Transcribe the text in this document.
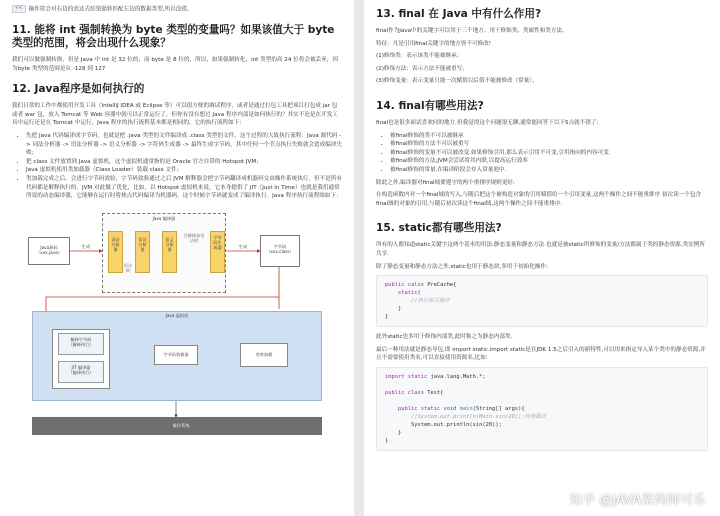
<< 操作符会对右边的表达式结果强转匹配左边的数据类型,所以没错。

11. 能将 int 强制转换为 byte 类型的变量吗？如果该值大于 byte 类型的范围，将会出现什么现象？

我们可以做强制转换，但是 Java 中 int 是 32 位的，而 byte 是 8 位的，所以，如果强制转化，int 类型的高 24 位将会被丢弃，因为byte 类型的范围是从 -128 到 127

12. Java程序是如何执行的

我们日常的工作中都使用开发工具（IntelliJ IDEA 或 Eclipse 等）可以很方便的调试程序，或者是通过打包工具把项目打包成 jar 包或者 war 包，放入 Tomcat 等 Web 容器中就可以正常运行了，但你有没有想过 Java 程序内部是如何执行的？其实不论是在开发工具中运行还是在 Tomcat 中运行，Java 程序的执行流程基本都是相同的，它的执行流程如下：

• 先把 Java 代码编译成字节码，也就是把 .java 类型的文件编译成 .class 类型的文件。这个过程的大致执行流程：Java 源代码 -> 词法分析器 -> 语法分析器 -> 语义分析器 -> 字符码生成器 -> 最终生成字节码，其中任何一个节点执行失败就会造成编译失败；
• 把 class 文件放置到 Java 虚拟机，这个虚拟机通常指的是 Oracle 官方自带的 Hotspot JVM；
• Java 虚拟机使用类加载器（Class Loader）装载 class 文件；
• 类加载完成之后，会进行字节码效验，字节码效验通过之后 JVM 解释器会把字节码翻译成机器码交由操作系统执行。但不是所有代码都是解释执行的，JVM 对此做了优化，比如，以 Hotspot 虚拟机来说，它本身提供了 JIT（Just In Time）也就是我们通常所说的动态编译器，它能够在运行时将热点代码编译为机器码，这个时候字节码就变成了编译执行。Java 程序执行流程图如下：
Java源码
（xxx.java）
生成
Java 编译器
词法分析器
语法分析器
语义分析器
字节码生成器
语法树
注解抽象语法树
生成	字节码
（xxx.class）
Java 虚拟机
解释字节码
（解释执行）
JIT 编译器
（编译执行）
字节码装载器	类库加载
操作系统
13. final 在 Java 中有什么作用?

final作为Java中的关键字可以用于三个地方。用于修饰类、类属性和类方法。

特征：凡是引用final关键字的地方皆不可修改!

(1)修饰类：表示该类不能被继承；

(2)修饰方法：表示方法不能被重写;

(3)修饰变量：表示变量只能一次赋值以后值不能被修改（常量）。

14. final有哪些用法?

final也是很多面试喜欢问的地方,但我觉得这个问题很无聊,通常能回答下以下5点就不错了:

• 被final修饰的类不可以被继承
• 被final修饰的方法不可以被重写
• 被final修饰的变量不可以被改变.如果修饰引用,那么表示引用不可变,引用指向的内容可变.
• 被final修饰的方法,JVM会尝试将其内联,以提高运行效率
• 被final修饰的常量,在编译阶段会存入常量池中.

除此之外,编译器对final域要遵守的两个重排序规则更好:

在构造函数内对一个final域的写入,与随后把这个被构造对象的引用赋值给一个引用变量,这两个操作之间不能重排序 初次读一个包含final域的对象的引用,与随后初次读这个final域,这两个操作之间不能重排序.

15. static都有哪些用法?

所有的人都知道static关键字这两个基本的用法:静态变量和静态方法.也就是被static所修饰的变量/方法都属于类的静态资源,类实例所共享.

除了静态变量和静态方法之外,static也用于静态块,多用于初始化操作:

public calss PreCache{
static{
//执行相关操作
}
}

此外static也多用于修饰内部类,此时称之为静态内部类.

最后一种用法就是静态导包,即 import static.import static是在JDK 1.5之后引入的新特性,可以用来指定导入某个类中的静态资源,并且不需要使用类名,可以直接使用资源名,比如:

import static java.lang.Math.*;

public class Test{

public static void main(String[] args){
//System.out.println(Math.sin(20));传统做法
System.out.println(sin(20));
}
}
知乎 @JAVA架构师可乐
